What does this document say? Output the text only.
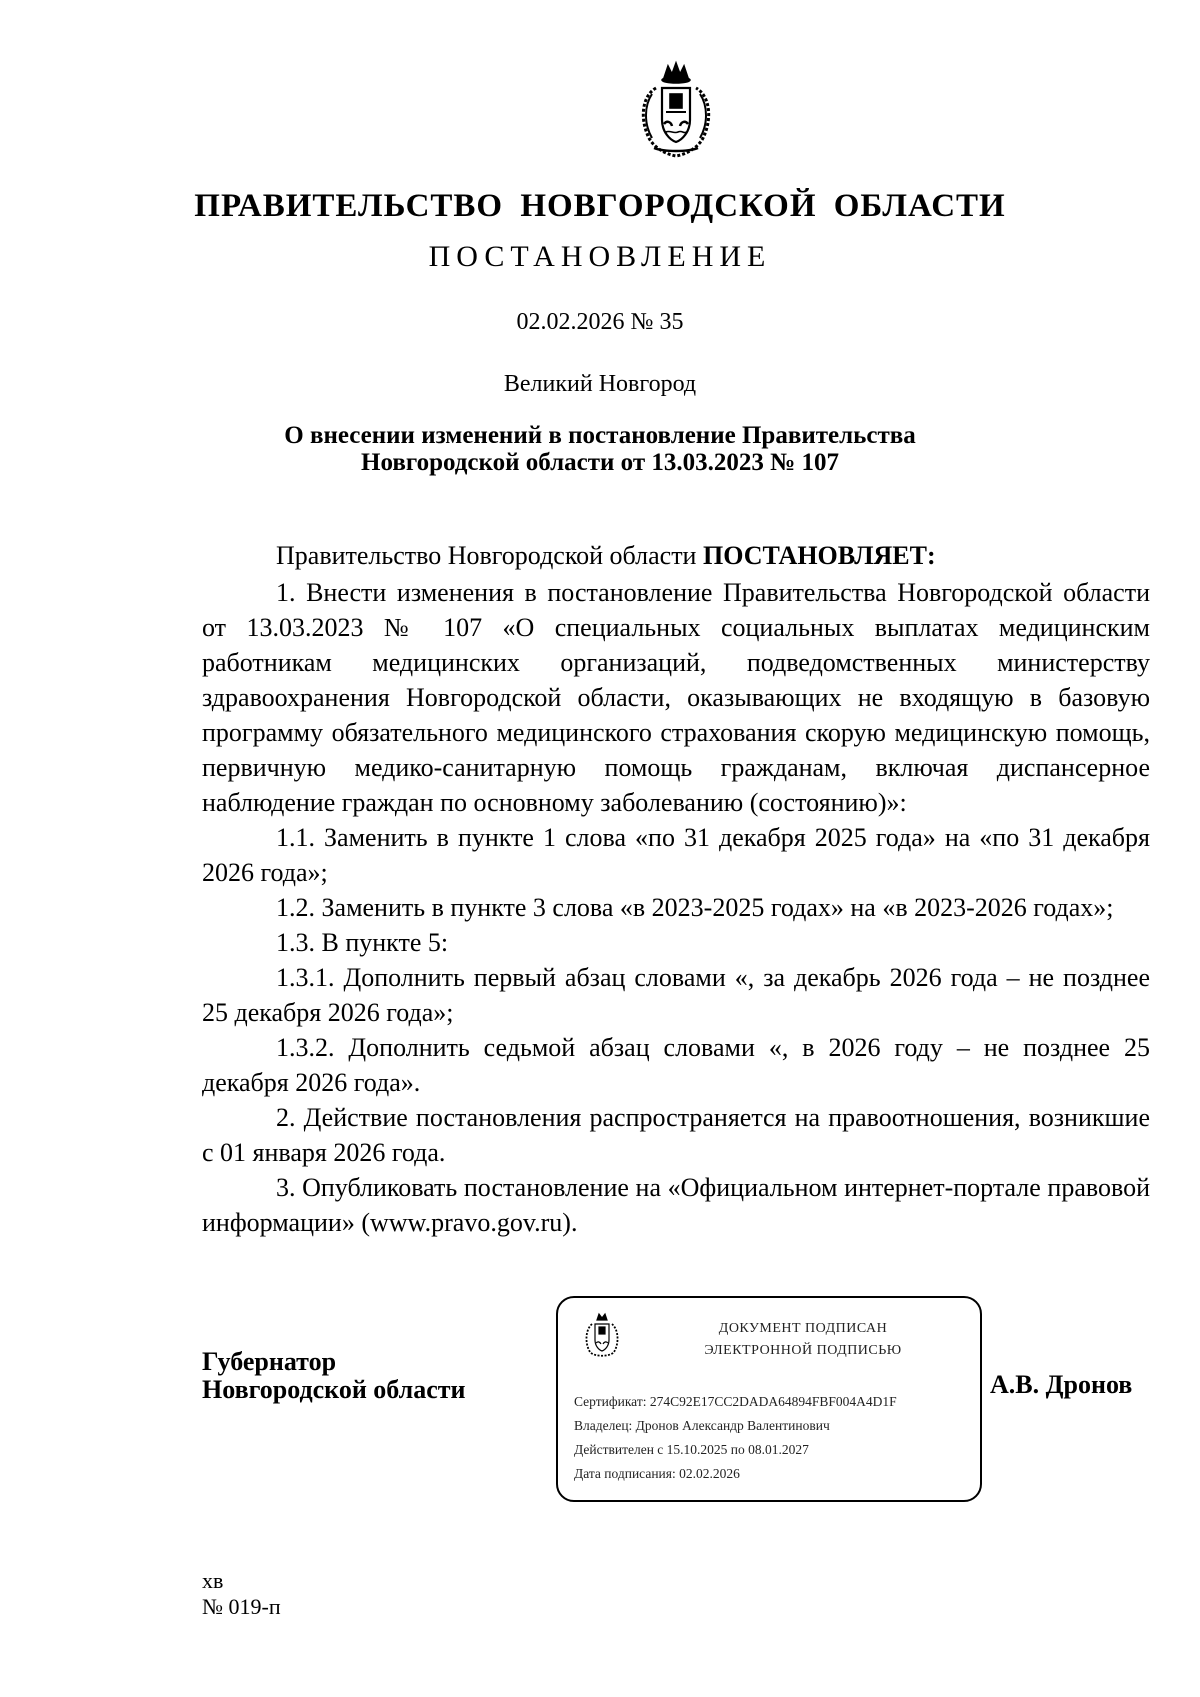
ПРАВИТЕЛЬСТВО НОВГОРОДСКОЙ ОБЛАСТИ
ПОСТАНОВЛЕНИЕ
02.02.2026 № 35
Великий Новгород
О внесении изменений в постановление Правительства
Новгородской области от 13.03.2023 № 107
Правительство Новгородской области ПОСТАНОВЛЯЕТ:
1. Внести изменения в постановление Правительства Новгородской области от 13.03.2023 № 107 «О специальных социальных выплатах медицинским работникам медицинских организаций, подведомственных министерству здравоохранения Новгородской области, оказывающих не входящую в базовую программу обязательного медицинского страхования скорую медицинскую помощь, первичную медико-санитарную помощь гражданам, включая диспансерное наблюдение граждан по основному заболеванию (состоянию)»:
1.1. Заменить в пункте 1 слова «по 31 декабря 2025 года» на «по 31 декабря 2026 года»;
1.2. Заменить в пункте 3 слова «в 2023-2025 годах» на «в 2023-2026 годах»;
1.3. В пункте 5:
1.3.1. Дополнить первый абзац словами «, за декабрь 2026 года – не позднее 25 декабря 2026 года»;
1.3.2. Дополнить седьмой абзац словами «, в 2026 году – не позднее 25 декабря 2026 года».
2. Действие постановления распространяется на правоотношения, возникшие с 01 января 2026 года.
3. Опубликовать постановление на «Официальном интернет-портале правовой информации» (www.pravo.gov.ru).
Губернатор
Новгородской области	А.В. Дронов
ДОКУМЕНТ ПОДПИСАН
ЭЛЕКТРОННОЙ ПОДПИСЬЮ
Сертификат: 274C92E17CC2DADA64894FBF004A4D1F
Владелец: Дронов Александр Валентинович
Действителен с 15.10.2025 по 08.01.2027
Дата подписания: 02.02.2026
хв
№ 019-п
